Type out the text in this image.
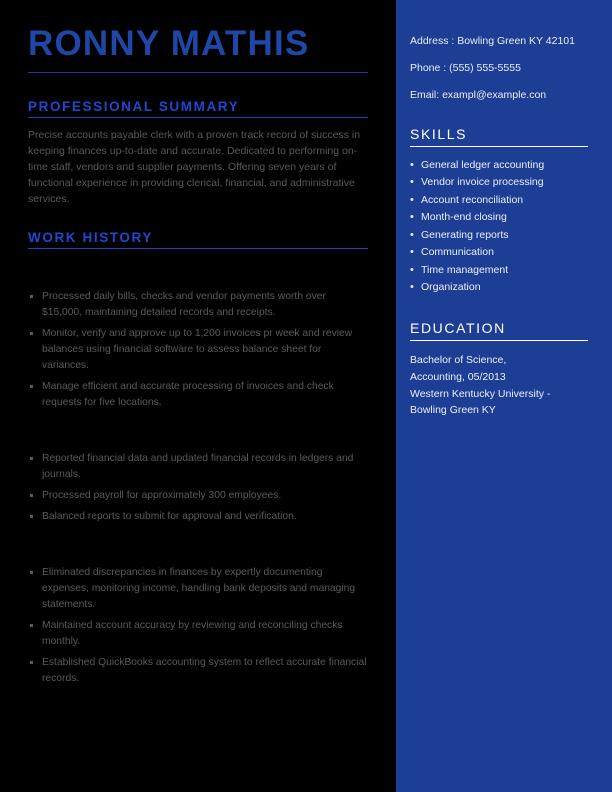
RONNY MATHIS
PROFESSIONAL SUMMARY

Precise accounts payable clerk with a proven track record of success in keeping finances up-to-date and accurate. Dedicated to performing on-time staff, vendors and supplier payments. Offering seven years of functional experience in providing clerical, financial, and administrative services.

WORK HISTORY
Processed daily bills, checks and vendor payments worth over $15,000, maintaining detailed records and receipts.
Monitor, verify and approve up to 1,200 invoices pr week and review balances using financial software to assess balance sheet for variances.
Manage efficient and accurate processing of invoices and check requests for five locations.
Reported financial data and updated financial records in ledgers and journals.
Processed payroll for approximately 300 employees.
Balanced reports to submit for approval and verification.
Eliminated discrepancies in finances by expertly documenting expenses, monitoring income, handling bank deposits and managing statements.
Maintained account accuracy by reviewing and reconciling checks monthly.
Established QuickBooks accounting system to reflect accurate financial records.

Address : Bowling Green KY 42101

Phone : (555) 555-5555

Email: exampl@example.con

SKILLS
• General ledger accounting
• Vendor invoice processing
• Account reconciliation
• Month-end closing
• Generating reports
• Communication
• Time management
• Organization
EDUCATION

Bachelor of Science,

Accounting, 05/2013

Western Kentucky University -

Bowling Green KY
